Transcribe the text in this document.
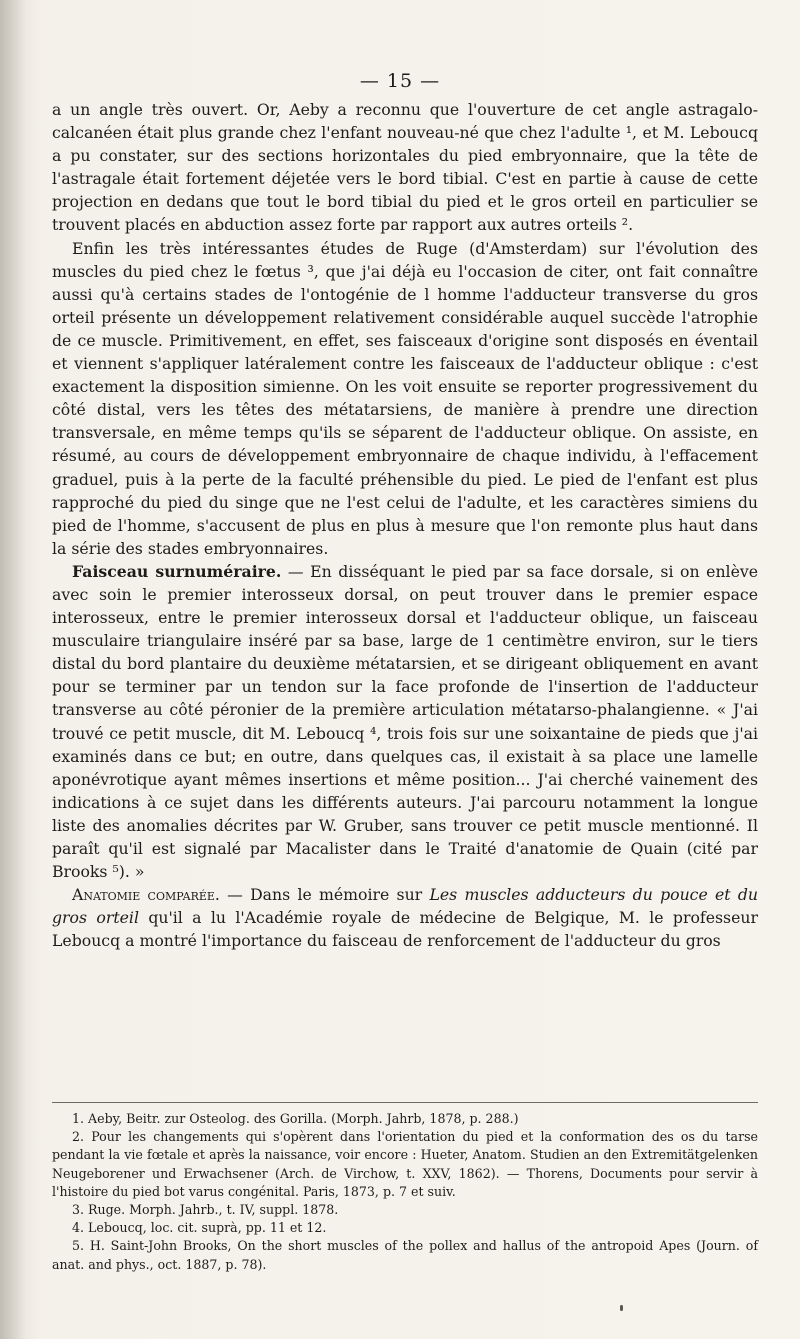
— 15 —

a un angle très ouvert. Or, Aeby a reconnu que l'ouverture de cet angle astragalo-calcanéen était plus grande chez l'enfant nouveau-né que chez l'adulte ¹, et M. Leboucq a pu constater, sur des sections horizontales du pied embryonnaire, que la tête de l'astragale était fortement déjetée vers le bord tibial. C'est en partie à cause de cette projection en dedans que tout le bord tibial du pied et le gros orteil en particulier se trouvent placés en abduction assez forte par rapport aux autres orteils ².

Enfin les très intéressantes études de Ruge (d'Amsterdam) sur l'évolution des muscles du pied chez le fœtus ³, que j'ai déjà eu l'occasion de citer, ont fait connaître aussi qu'à certains stades de l'ontogénie de l homme l'adducteur transverse du gros orteil présente un développement relativement considérable auquel succède l'atrophie de ce muscle. Primitivement, en effet, ses faisceaux d'origine sont disposés en éventail et viennent s'appliquer latéralement contre les faisceaux de l'adducteur oblique : c'est exactement la disposition simienne. On les voit ensuite se reporter progressivement du côté distal, vers les têtes des métatarsiens, de manière à prendre une direction transversale, en même temps qu'ils se séparent de l'adducteur oblique. On assiste, en résumé, au cours de développement embryonnaire de chaque individu, à l'effacement graduel, puis à la perte de la faculté préhensible du pied. Le pied de l'enfant est plus rapproché du pied du singe que ne l'est celui de l'adulte, et les caractères simiens du pied de l'homme, s'accusent de plus en plus à mesure que l'on remonte plus haut dans la série des stades embryonnaires.

Faisceau surnuméraire. — En disséquant le pied par sa face dorsale, si on enlève avec soin le premier interosseux dorsal, on peut trouver dans le premier espace interosseux, entre le premier interosseux dorsal et l'adducteur oblique, un faisceau musculaire triangulaire inséré par sa base, large de 1 centimètre environ, sur le tiers distal du bord plantaire du deuxième métatarsien, et se dirigeant obliquement en avant pour se terminer par un tendon sur la face profonde de l'insertion de l'adducteur transverse au côté péronier de la première articulation métatarso-phalangienne. « J'ai trouvé ce petit muscle, dit M. Leboucq ⁴, trois fois sur une soixantaine de pieds que j'ai examinés dans ce but; en outre, dans quelques cas, il existait à sa place une lamelle aponévrotique ayant mêmes insertions et même position... J'ai cherché vainement des indications à ce sujet dans les différents auteurs. J'ai parcouru notamment la longue liste des anomalies décrites par W. Gruber, sans trouver ce petit muscle mentionné. Il paraît qu'il est signalé par Macalister dans le Traité d'anatomie de Quain (cité par Brooks ⁵). »

Anatomie comparée. — Dans le mémoire sur Les muscles adducteurs du pouce et du gros orteil qu'il a lu l'Académie royale de médecine de Belgique, M. le professeur Leboucq a montré l'importance du faisceau de renforcement de l'adducteur du gros

1. Aeby, Beitr. zur Osteolog. des Gorilla. (Morph. Jahrb, 1878, p. 288.)

2. Pour les changements qui s'opèrent dans l'orientation du pied et la conformation des os du tarse pendant la vie fœtale et après la naissance, voir encore : Hueter, Anatom. Studien an den Extremitätgelenken Neugeborener und Erwachsener (Arch. de Virchow, t. XXV, 1862). — Thorens, Documents pour servir à l'histoire du pied bot varus congénital. Paris, 1873, p. 7 et suiv.

3. Ruge. Morph. Jahrb., t. IV, suppl. 1878.

4. Leboucq, loc. cit. suprà, pp. 11 et 12.

5. H. Saint-John Brooks, On the short muscles of the pollex and hallus of the antropoid Apes (Journ. of anat. and phys., oct. 1887, p. 78).
